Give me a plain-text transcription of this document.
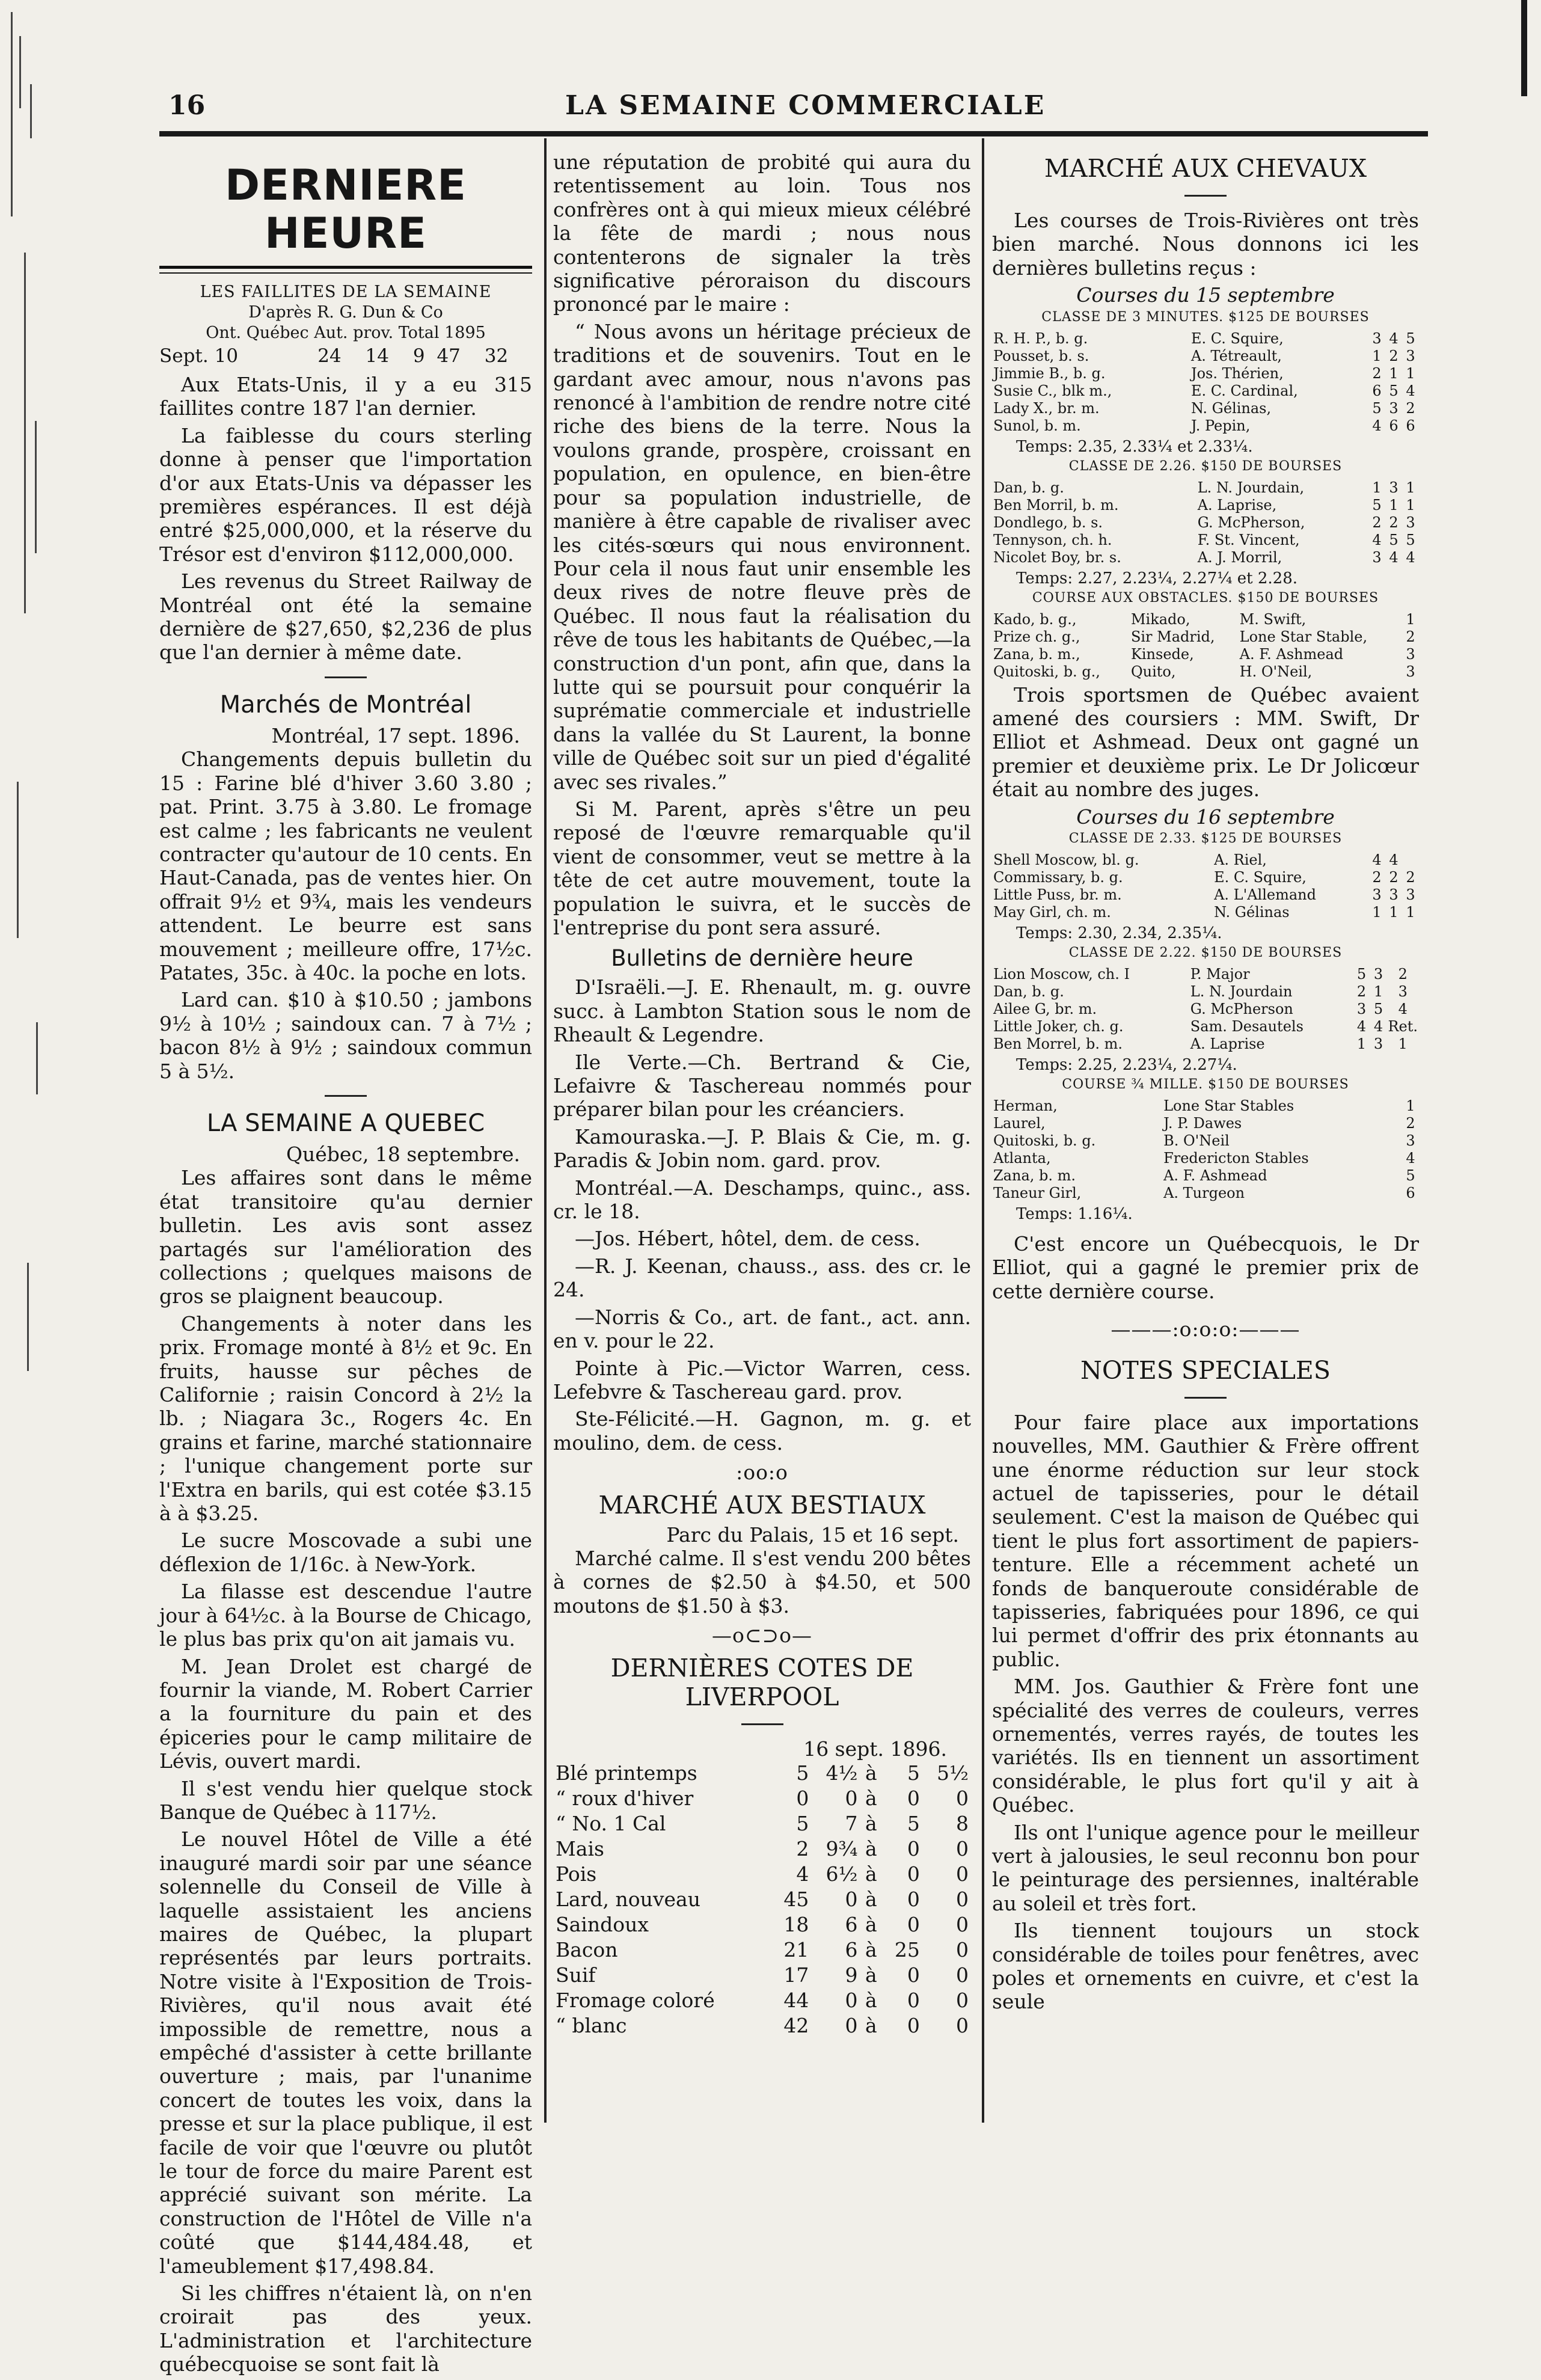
16	LA SEMAINE COMMERCIALE
DERNIERE HEURE
LES FAILLITES DE LA SEMAINE
D'après R. G. Dun & Co
Ont. Québec Aut. prov. Total 1895
Sept. 10	24	14	9	47	32

Aux Etats-Unis, il y a eu 315 faillites contre 187 l'an dernier.

La faiblesse du cours sterling donne à penser que l'importation d'or aux Etats-Unis va dépasser les premières espérances. Il est déjà entré $25,000,000, et la réserve du Trésor est d'environ $112,000,000.

Les revenus du Street Railway de Montréal ont été la semaine dernière de $27,650, $2,236 de plus que l'an dernier à même date.

Marchés de Montréal
Montréal, 17 sept. 1896.

Changements depuis bulletin du 15 : Farine blé d'hiver 3.60 3.80 ; pat. Print. 3.75 à 3.80. Le fromage est calme ; les fabricants ne veulent contracter qu'autour de 10 cents. En Haut-Canada, pas de ventes hier. On offrait 9½ et 9¾, mais les vendeurs attendent. Le beurre est sans mouvement ; meilleure offre, 17½c. Patates, 35c. à 40c. la poche en lots.

Lard can. $10 à $10.50 ; jambons 9½ à 10½ ; saindoux can. 7 à 7½ ; bacon 8½ à 9½ ; saindoux commun 5 à 5½.

LA SEMAINE A QUEBEC
Québec, 18 septembre.

Les affaires sont dans le même état transitoire qu'au dernier bulletin. Les avis sont assez partagés sur l'amélioration des collections ; quelques maisons de gros se plaignent beaucoup.

Changements à noter dans les prix. Fromage monté à 8½ et 9c. En fruits, hausse sur pêches de Californie ; raisin Concord à 2½ la lb. ; Niagara 3c., Rogers 4c. En grains et farine, marché stationnaire ; l'unique changement porte sur l'Extra en barils, qui est cotée $3.15 à à $3.25.

Le sucre Moscovade a subi une déflexion de 1/16c. à New-York.

La filasse est descendue l'autre jour à 64½c. à la Bourse de Chicago, le plus bas prix qu'on ait jamais vu.

M. Jean Drolet est chargé de fournir la viande, M. Robert Carrier a la fourniture du pain et des épiceries pour le camp militaire de Lévis, ouvert mardi.

Il s'est vendu hier quelque stock Banque de Québec à 117½.

Le nouvel Hôtel de Ville a été inauguré mardi soir par une séance solennelle du Conseil de Ville à laquelle assistaient les anciens maires de Québec, la plupart représentés par leurs portraits. Notre visite à l'Exposition de Trois-Rivières, qu'il nous avait été impossible de remettre, nous a empêché d'assister à cette brillante ouverture ; mais, par l'unanime concert de toutes les voix, dans la presse et sur la place publique, il est facile de voir que l'œuvre ou plutôt le tour de force du maire Parent est apprécié suivant son mérite. La construction de l'Hôtel de Ville n'a coûté que $144,484.48, et l'ameublement $17,498.84.

Si les chiffres n'étaient là, on n'en croirait pas des yeux. L'administration et l'architecture québecquoise se sont fait là

une réputation de probité qui aura du retentissement au loin. Tous nos confrères ont à qui mieux mieux célébré la fête de mardi ; nous nous contenterons de signaler la très significative péroraison du discours prononcé par le maire :

“ Nous avons un héritage précieux de traditions et de souvenirs. Tout en le gardant avec amour, nous n'avons pas renoncé à l'ambition de rendre notre cité riche des biens de la terre. Nous la voulons grande, prospère, croissant en population, en opulence, en bien-être pour sa population industrielle, de manière à être capable de rivaliser avec les cités-sœurs qui nous environnent. Pour cela il nous faut unir ensemble les deux rives de notre fleuve près de Québec. Il nous faut la réalisation du rêve de tous les habitants de Québec,—la construction d'un pont, afin que, dans la lutte qui se poursuit pour conquérir la suprématie commerciale et industrielle dans la vallée du St Laurent, la bonne ville de Québec soit sur un pied d'égalité avec ses rivales.”

Si M. Parent, après s'être un peu reposé de l'œuvre remarquable qu'il vient de consommer, veut se mettre à la tête de cet autre mouvement, toute la population le suivra, et le succès de l'entreprise du pont sera assuré.

Bulletins de dernière heure

D'Israëli.—J. E. Rhenault, m. g. ouvre succ. à Lambton Station sous le nom de Rheault & Legendre.

Ile Verte.—Ch. Bertrand & Cie, Lefaivre & Taschereau nommés pour préparer bilan pour les créanciers.

Kamouraska.—J. P. Blais & Cie, m. g. Paradis & Jobin nom. gard. prov.

Montréal.—A. Deschamps, quinc., ass. cr. le 18.

—Jos. Hébert, hôtel, dem. de cess.

—R. J. Keenan, chauss., ass. des cr. le 24.

—Norris & Co., art. de fant., act. ann. en v. pour le 22.

Pointe à Pic.—Victor Warren, cess. Lefebvre & Taschereau gard. prov.

Ste-Félicité.—H. Gagnon, m. g. et moulino, dem. de cess.

:oo:o
MARCHÉ AUX BESTIAUX
Parc du Palais, 15 et 16 sept.

Marché calme. Il s'est vendu 200 bêtes à cornes de $2.50 à $4.50, et 500 moutons de $1.50 à $3.

—o⊂⊃o—
DERNIÈRES COTES DE LIVERPOOL
16 sept. 1896.
Blé printemps	5	4½	à	5	5½
“ roux d'hiver	0	0	à	0	0
“ No. 1 Cal	5	7	à	5	8
Mais	2	9¾	à	0	0
Pois	4	6½	à	0	0
Lard, nouveau	45	0	à	0	0
Saindoux	18	6	à	0	0
Bacon	21	6	à	25	0
Suif	17	9	à	0	0
Fromage coloré	44	0	à	0	0
“ blanc	42	0	à	0	0
MARCHÉ AUX CHEVAUX

Les courses de Trois-Rivières ont très bien marché. Nous donnons ici les dernières bulletins reçus :

Courses du 15 septembre
CLASSE DE 3 MINUTES. $125 DE BOURSES
R. H. P., b. g.	E. C. Squire,	3	4	5
Pousset, b. s.	A. Tétreault,	1	2	3
Jimmie B., b. g.	Jos. Thérien,	2	1	1
Susie C., blk m.,	E. C. Cardinal,	6	5	4
Lady X., br. m.	N. Gélinas,	5	3	2
Sunol, b. m.	J. Pepin,	4	6	6
Temps: 2.35, 2.33¼ et 2.33¼.
CLASSE DE 2.26. $150 DE BOURSES
Dan, b. g.	L. N. Jourdain,	1	3	1
Ben Morril, b. m.	A. Laprise,	5	1	1
Dondlego, b. s.	G. McPherson,	2	2	3
Tennyson, ch. h.	F. St. Vincent,	4	5	5
Nicolet Boy, br. s.	A. J. Morril,	3	4	4
Temps: 2.27, 2.23¼, 2.27¼ et 2.28.
COURSE AUX OBSTACLES. $150 DE BOURSES
Kado, b. g.,	Mikado,	M. Swift,	1
Prize ch. g.,	Sir Madrid,	Lone Star Stable,	2
Zana, b. m.,	Kinsede,	A. F. Ashmead	3
Quitoski, b. g.,	Quito,	H. O'Neil,	3

Trois sportsmen de Québec avaient amené des coursiers : MM. Swift, Dr Elliot et Ashmead. Deux ont gagné un premier et deuxième prix. Le Dr Jolicœur était au nombre des juges.

Courses du 16 septembre
CLASSE DE 2.33. $125 DE BOURSES
Shell Moscow, bl. g.	A. Riel,	4	4	
Commissary, b. g.	E. C. Squire,	2	2	2
Little Puss, br. m.	A. L'Allemand	3	3	3
May Girl, ch. m.	N. Gélinas	1	1	1
Temps: 2.30, 2.34, 2.35¼.
CLASSE DE 2.22. $150 DE BOURSES
Lion Moscow, ch. I	P. Major	5	3	2
Dan, b. g.	L. N. Jourdain	2	1	3
Ailee G, br. m.	G. McPherson	3	5	4
Little Joker, ch. g.	Sam. Desautels	4	4	Ret.
Ben Morrel, b. m.	A. Laprise	1	3	1
Temps: 2.25, 2.23¼, 2.27¼.
COURSE ¾ MILLE. $150 DE BOURSES
Herman,	Lone Star Stables	1
Laurel,	J. P. Dawes	2
Quitoski, b. g.	B. O'Neil	3
Atlanta,	Fredericton Stables	4
Zana, b. m.	A. F. Ashmead	5
Taneur Girl,	A. Turgeon	6
Temps: 1.16¼.

C'est encore un Québecquois, le Dr Elliot, qui a gagné le premier prix de cette dernière course.

———:o:o:o:———
NOTES SPECIALES

Pour faire place aux importations nouvelles, MM. Gauthier & Frère offrent une énorme réduction sur leur stock actuel de tapisseries, pour le détail seulement. C'est la maison de Québec qui tient le plus fort assortiment de papiers-tenture. Elle a récemment acheté un fonds de banqueroute considérable de tapisseries, fabriquées pour 1896, ce qui lui permet d'offrir des prix étonnants au public.

MM. Jos. Gauthier & Frère font une spécialité des verres de couleurs, verres ornementés, verres rayés, de toutes les variétés. Ils en tiennent un assortiment considérable, le plus fort qu'il y ait à Québec.

Ils ont l'unique agence pour le meilleur vert à jalousies, le seul reconnu bon pour le peinturage des persiennes, inaltérable au soleil et très fort.

Ils tiennent toujours un stock considérable de toiles pour fenêtres, avec poles et ornements en cuivre, et c'est la seule
